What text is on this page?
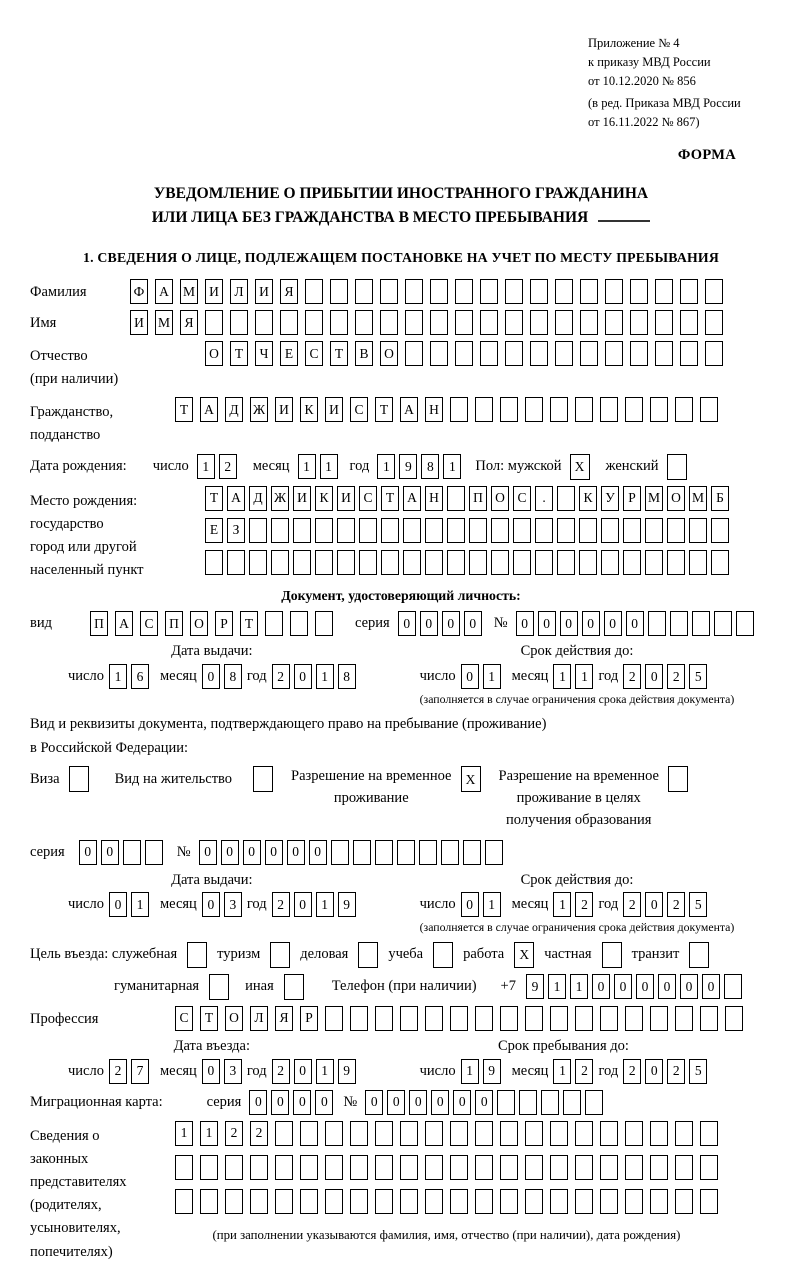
Приложение № 4
к приказу МВД России
от 10.12.2020 № 856
(в ред. Приказа МВД России
от 16.11.2022 № 867)
ФОРМА
УВЕДОМЛЕНИЕ О ПРИБЫТИИ ИНОСТРАННОГО ГРАЖДАНИНА
ИЛИ ЛИЦА БЕЗ ГРАЖДАНСТВА В МЕСТО ПРЕБЫВАНИЯ
1. СВЕДЕНИЯ О ЛИЦЕ, ПОДЛЕЖАЩЕМ ПОСТАНОВКЕ НА УЧЕТ ПО МЕСТУ ПРЕБЫВАНИЯ
Фамилия	Ф	А	М	И	Л	И	Я
Имя	И	М	Я
Отчество
(при наличии)
О	Т	Ч	Е	С	Т	В	О
Гражданство,
подданство
Т	А	Д	Ж	И	К	И	С	Т	А	Н
Дата рождения: число	1	2	месяц	1	1	год	1	9	8	1	Пол: мужской X	женский
Место рождения:
государство
город или другой
населенный пункт
Т А Д Ж И К И С Т А Н	П О С	.	К У Р М О М Б
Е	З
Документ, удостоверяющий личность:
вид	П	А	С	П	О	Р	Т	серия	0	0	0	0	№	0	0	0	0	0	0
Дата выдачи:
число 1	6	месяц 0	8 год 2	0	1	8
Срок действия до:
число 0	1	месяц 1	1 год 2	0	2	5
(заполняется в случае ограничения срока действия документа)
Вид и реквизиты документа, подтверждающего право на пребывание (проживание)
в Российской Федерации:
Виза	Вид на жительство	Разрешение на временное
проживание
X	Разрешение на временное
проживание в целях
получения образования
серия	0	0	№	0	0	0	0	0	0
Дата выдачи:
число 0	1	месяц 0	3 год 2	0	1	9
Срок действия до:
число 0	1	месяц 1	2 год 2	0	2	5
(заполняется в случае ограничения срока действия документа)
Цель въезда: служебная	туризм	деловая	учеба	работа	X	частная	транзит
гуманитарная	иная	Телефон (при наличии) +7	9	1	1	0	0	0	0	0	0
Профессия	С	Т	О	Л	Я	Р
Дата въезда:
число 2	7	месяц 0	3 год 2	0	1	9
Срок пребывания до:
число 1	9	месяц 1	2 год 2	0	2	5
Миграционная карта:	серия	0	0	0	0	№	0	0	0	0	0	0
Сведения о
законных
представителях
(родителях,
усыновителях,
попечителях)
1	1	2	2
(при заполнении указываются фамилия, имя, отчество (при наличии), дата рождения)
